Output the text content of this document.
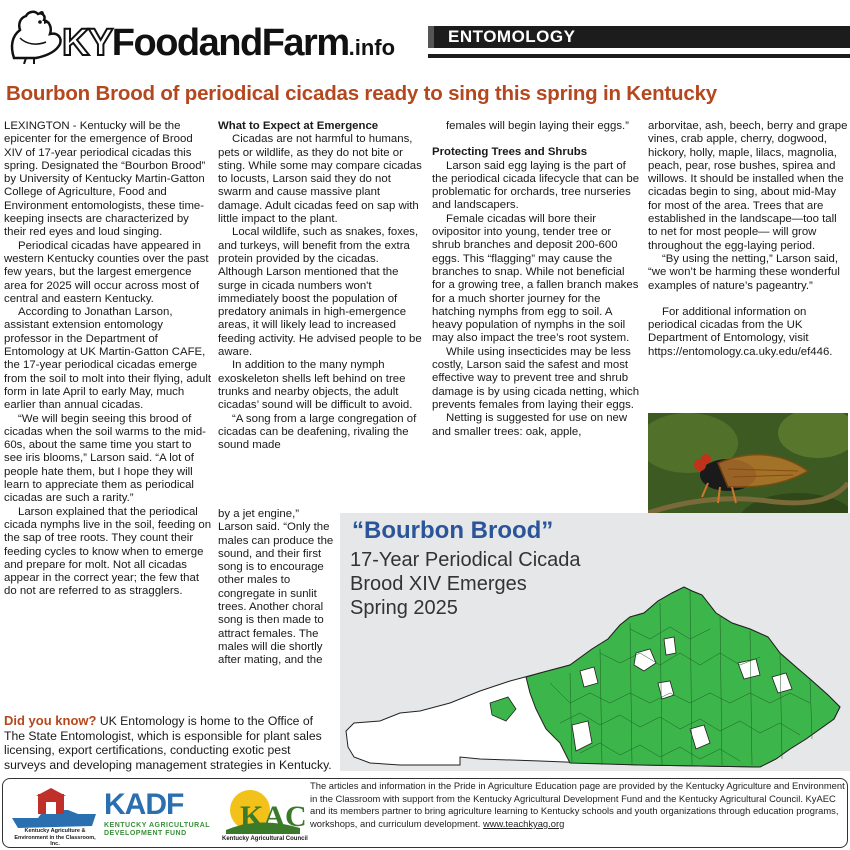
KYFoodandFarm.info	ENTOMOLOGY
Bourbon Brood of periodical cicadas ready to sing this spring in Kentucky

LEXINGTON - Kentucky will be the epicenter for the emergence of Brood XIV of 17-year periodical cicadas this spring. Designated the “Bourbon Brood” by University of Kentucky Martin-Gatton College of Agriculture, Food and Environment entomologists, these time-keeping insects are characterized by their red eyes and loud singing.

Periodical cicadas have appeared in western Kentucky counties over the past few years, but the largest emergence area for 2025 will occur across most of central and eastern Kentucky.

According to Jonathan Larson, assistant extension entomology professor in the Department of Entomology at UK Martin-Gatton CAFE, the 17-year periodical cicadas emerge from the soil to molt into their flying, adult form in late April to early May, much earlier than annual cicadas.

“We will begin seeing this brood of cicadas when the soil warms to the mid-60s, about the same time you start to see iris blooms,” Larson said. “A lot of people hate them, but I hope they will learn to appreciate them as periodical cicadas are such a rarity.”

Larson explained that the periodical cicada nymphs live in the soil, feeding on the sap of tree roots. They count their feeding cycles to know when to emerge and prepare for molt. Not all cicadas appear in the correct year; the few that do not are referred to as stragglers.

What to Expect at Emergence

Cicadas are not harmful to humans, pets or wildlife, as they do not bite or sting. While some may compare cicadas to locusts, Larson said they do not swarm and cause massive plant damage. Adult cicadas feed on sap with little impact to the plant.

Local wildlife, such as snakes, foxes, and turkeys, will benefit from the extra protein provided by the cicadas. Although Larson mentioned that the surge in cicada numbers won't immediately boost the population of predatory animals in high-emergence areas, it will likely lead to increased feeding activity. He advised people to be aware.

In addition to the many nymph exoskeleton shells left behind on tree trunks and nearby objects, the adult cicadas’ sound will be difficult to avoid.

“A song from a large congregation of cicadas can be deafening, rivaling the sound made

by a jet engine,” Larson said. “Only the males can produce the sound, and their first song is to encourage other males to congregate in sunlit trees. Another choral song is then made to attract females. The males will die shortly after mating, and the

females will begin laying their eggs.”

Protecting Trees and Shrubs

Larson said egg laying is the part of the periodical cicada lifecycle that can be problematic for orchards, tree nurseries and landscapers.

Female cicadas will bore their ovipositor into young, tender tree or shrub branches and deposit 200-600 eggs. This “flagging” may cause the branches to snap. While not beneficial for a growing tree, a fallen branch makes for a much shorter journey for the hatching nymphs from egg to soil. A heavy population of nymphs in the soil may also impact the tree’s root system.

While using insecticides may be less costly, Larson said the safest and most effective way to prevent tree and shrub damage is by using cicada netting, which prevents females from laying their eggs.

Netting is suggested for use on new and smaller trees: oak, apple,

arborvitae, ash, beech, berry and grape vines, crab apple, cherry, dogwood, hickory, holly, maple, lilacs, magnolia, peach, pear, rose bushes, spirea and willows. It should be installed when the cicadas begin to sing, about mid-May for most of the area. Trees that are established in the landscape—too tall to net for most people— will grow throughout the egg-laying period.

“By using the netting,” Larson said, “we won’t be harming these wonderful examples of nature’s pageantry.”

For additional information on periodical cicadas from the UK Department of Entomology, visit https://entomology.ca.uky.edu/ef446.

“Bourbon Brood”
17-Year Periodical Cicada
Brood XIV Emerges
Spring 2025
Did you know? UK Entomology is home to the Office of The State Entomologist, which is esponsible for plant sales licensing, export certifications, conducting exotic pest surveys and developing management strategies in Kentucky.
Kentucky Agriculture & Environment in the Classroom, Inc.
KADF
KENTUCKY AGRICULTURAL DEVELOPMENT FUND
KAC
Kentucky Agricultural Council
The articles and information in the Pride in Agriculture Education page are provided by the Kentucky Agriculture and Environment in the Classroom with support from the Kentucky Agricultural Development Fund and the Kentucky Agricultural Council. KyAEC and its members partner to bring agriculture learning to Kentucky schools and youth organizations through education programs, workshops, and curriculum development. www.teachkyag.org
